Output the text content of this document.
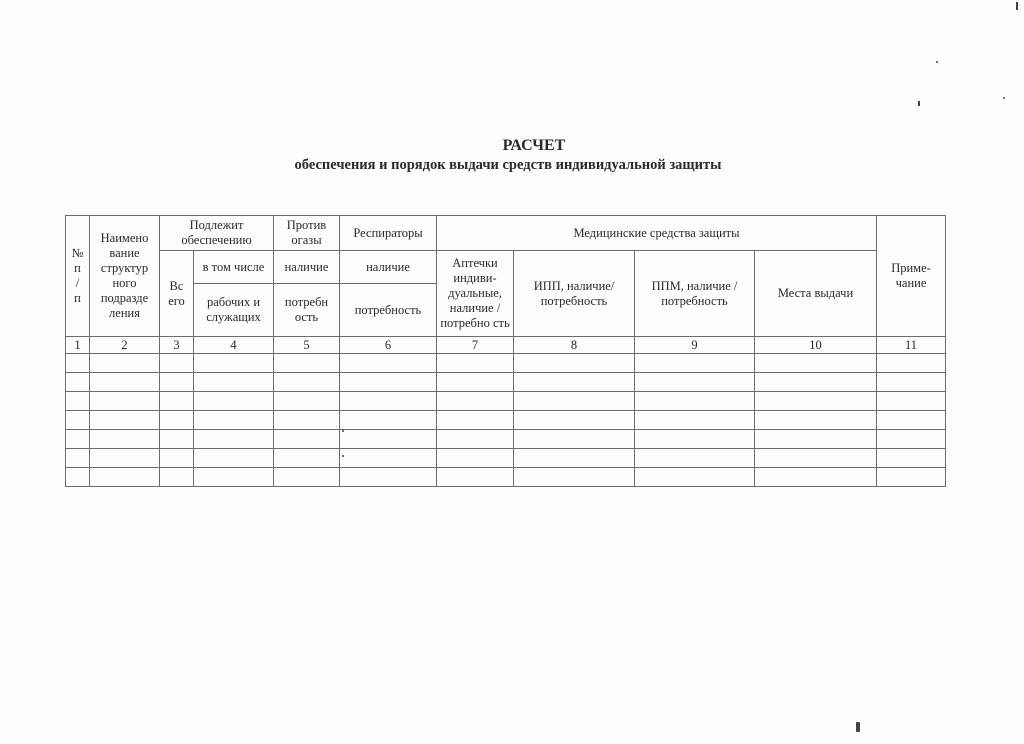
РАСЧЕТ
обеспечения и порядок выдачи средств индивидуальной защиты
№
п
/
п	Наимено вание структур ного подразде ления	Подлежит обеспечению		Против огазы	Респираторы	Медицинские средства защиты				Приме-чание
		Вс его	в том числе	наличие	наличие	Аптечки индиви-дуальные, наличие / потребно сть	ИПП, наличие/ потребность	ППМ, наличие / потребность	Места выдачи	
			рабочих и служащих	потребн ость	потребность					
1	2	3	4	5	6	7	8	9	10	11
